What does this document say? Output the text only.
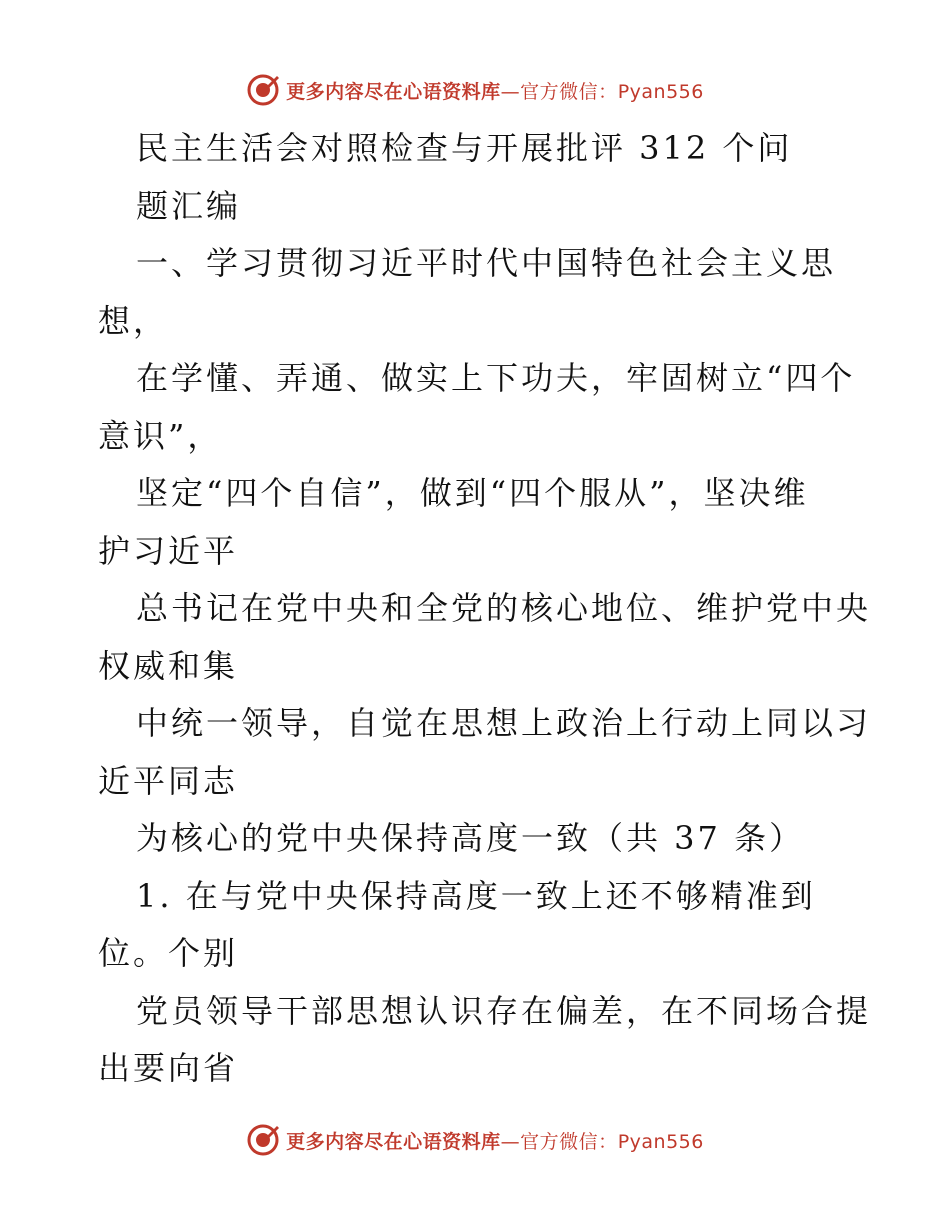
更多内容尽在心语资料库—官方微信：Pyan556
民主生活会对照检查与开展批评 312 个问
题汇编
一、学习贯彻习近平时代中国特色社会主义思
想，
在学懂、弄通、做实上下功夫，牢固树立“四个
意识”，
坚定“四个自信”，做到“四个服从”，坚决维
护习近平
总书记在党中央和全党的核心地位、维护党中央
权威和集
中统一领导，自觉在思想上政治上行动上同以习
近平同志
为核心的党中央保持高度一致（共 37 条）
1. 在与党中央保持高度一致上还不够精准到
位。个别
党员领导干部思想认识存在偏差，在不同场合提
出要向省
更多内容尽在心语资料库—官方微信：Pyan556
